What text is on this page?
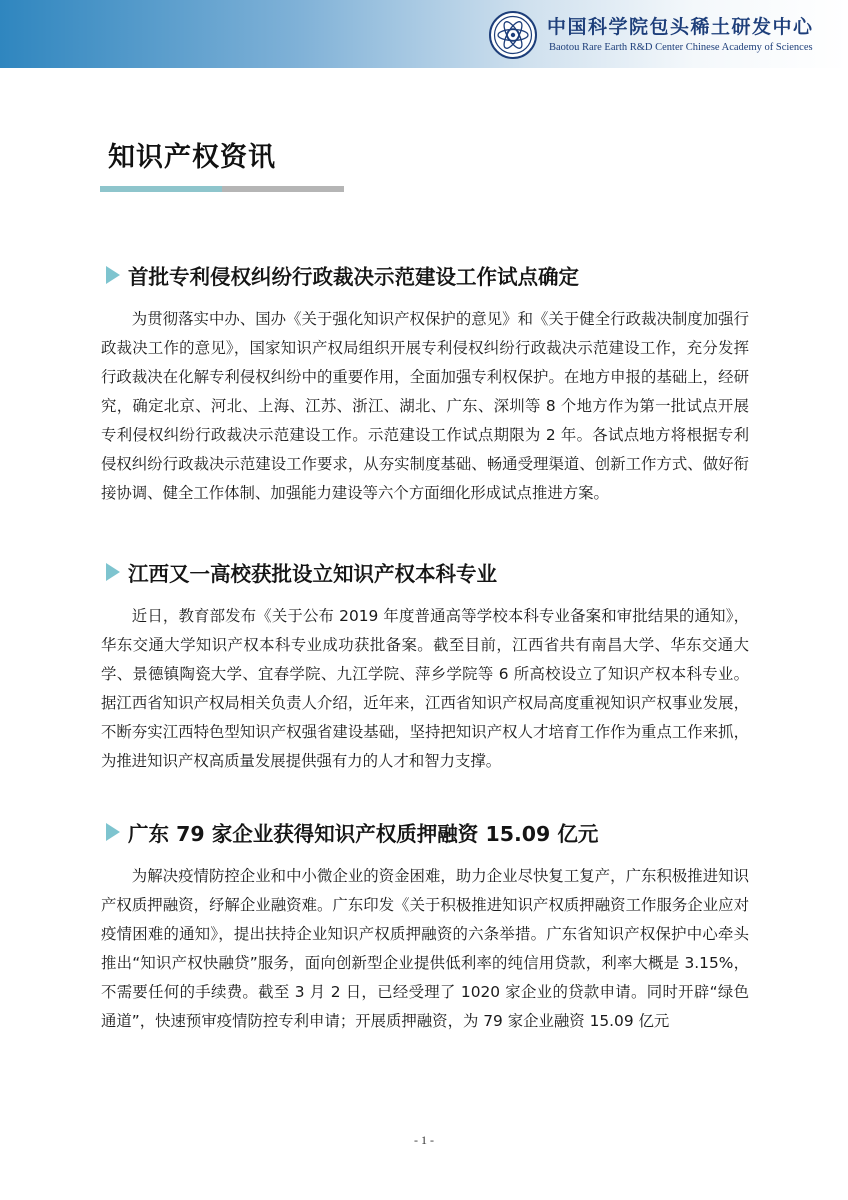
中国科学院包头稀土研发中心
Baotou Rare Earth R&D Center Chinese Academy of Sciences
知识产权资讯
首批专利侵权纠纷行政裁决示范建设工作试点确定

为贯彻落实中办、国办《关于强化知识产权保护的意见》和《关于健全行政裁决制度加强行政裁决工作的意见》，国家知识产权局组织开展专利侵权纠纷行政裁决示范建设工作，充分发挥行政裁决在化解专利侵权纠纷中的重要作用，全面加强专利权保护。在地方申报的基础上，经研究，确定北京、河北、上海、江苏、浙江、湖北、广东、深圳等 8 个地方作为第一批试点开展专利侵权纠纷行政裁决示范建设工作。示范建设工作试点期限为 2 年。各试点地方将根据专利侵权纠纷行政裁决示范建设工作要求，从夯实制度基础、畅通受理渠道、创新工作方式、做好衔接协调、健全工作体制、加强能力建设等六个方面细化形成试点推进方案。

江西又一高校获批设立知识产权本科专业

近日，教育部发布《关于公布 2019 年度普通高等学校本科专业备案和审批结果的通知》，华东交通大学知识产权本科专业成功获批备案。截至目前，江西省共有南昌大学、华东交通大学、景德镇陶瓷大学、宜春学院、九江学院、萍乡学院等 6 所高校设立了知识产权本科专业。据江西省知识产权局相关负责人介绍，近年来，江西省知识产权局高度重视知识产权事业发展，不断夯实江西特色型知识产权强省建设基础，坚持把知识产权人才培育工作作为重点工作来抓，为推进知识产权高质量发展提供强有力的人才和智力支撑。

广东 79 家企业获得知识产权质押融资 15.09 亿元

为解决疫情防控企业和中小微企业的资金困难，助力企业尽快复工复产，广东积极推进知识产权质押融资，纾解企业融资难。广东印发《关于积极推进知识产权质押融资工作服务企业应对疫情困难的通知》，提出扶持企业知识产权质押融资的六条举措。广东省知识产权保护中心牵头推出“知识产权快融贷”服务，面向创新型企业提供低利率的纯信用贷款，利率大概是 3.15%，不需要任何的手续费。截至 3 月 2 日，已经受理了 1020 家企业的贷款申请。同时开辟“绿色通道”，快速预审疫情防控专利申请；开展质押融资，为 79 家企业融资 15.09 亿元

- 1 -
